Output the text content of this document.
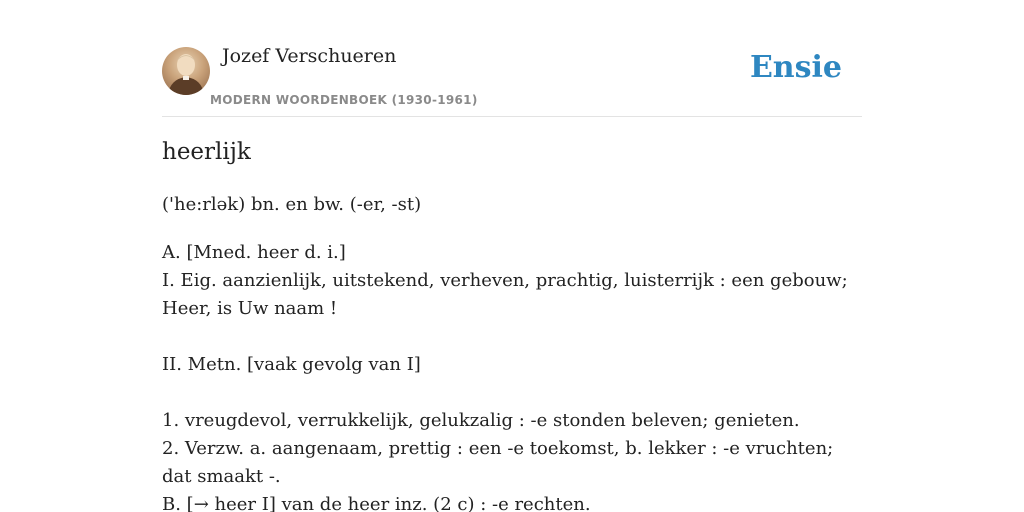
Jozef Verschueren
MODERN WOORDENBOEK (1930-1961)
Ensie
heerlijk
('he:rlək) bn. en bw. (-er, -st)
A. [Mned. heer d. i.]
I. Eig. aanzienlijk, uitstekend, verheven, prachtig, luisterrijk : een gebouw; Heer, is Uw naam !
II. Metn. [vaak gevolg van I]
1. vreugdevol, verrukkelijk, gelukzalig : -e stonden beleven; genieten.
2. Verzw. a. aangenaam, prettig : een -e toekomst, b. lekker : -e vruchten; dat smaakt -.
B. [→ heer I] van de heer inz. (2 c) : -e rechten.
